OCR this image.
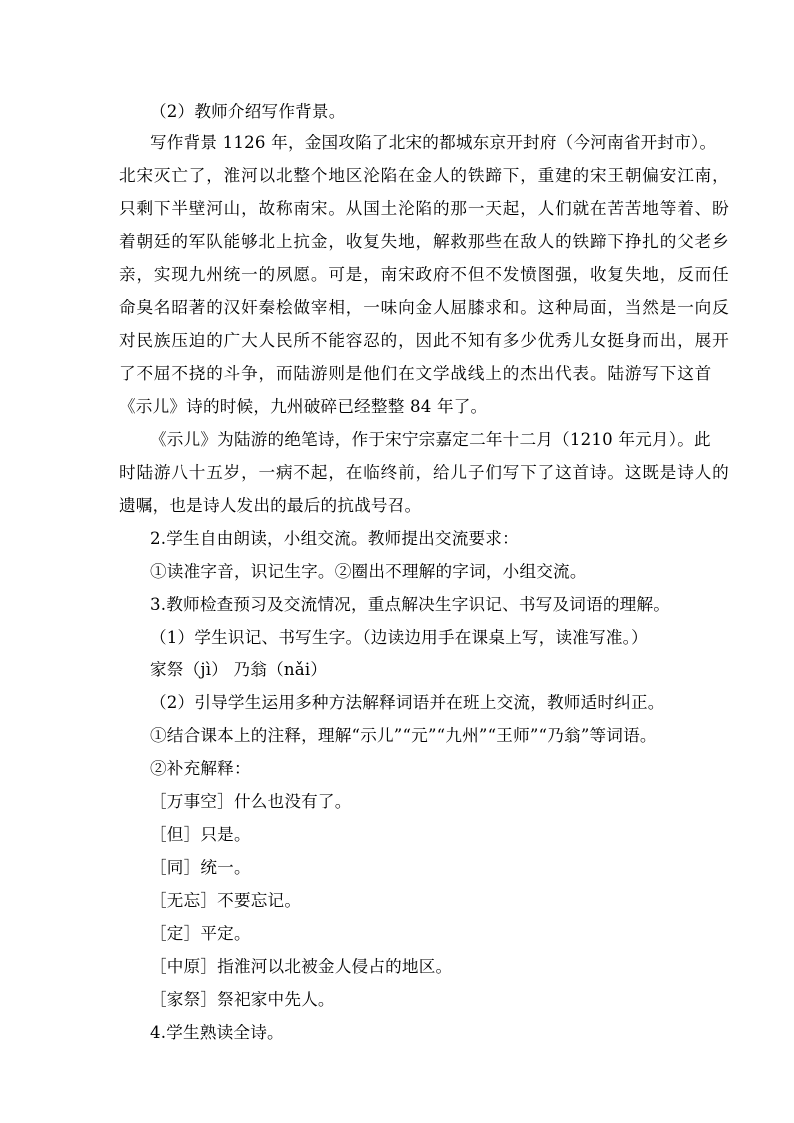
（2）教师介绍写作背景。
写作背景 1126 年，金国攻陷了北宋的都城东京开封府（今河南省开封市）。
北宋灭亡了，淮河以北整个地区沦陷在金人的铁蹄下，重建的宋王朝偏安江南，
只剩下半壁河山，故称南宋。从国土沦陷的那一天起，人们就在苦苦地等着、盼
着朝廷的军队能够北上抗金，收复失地，解救那些在敌人的铁蹄下挣扎的父老乡
亲，实现九州统一的夙愿。可是，南宋政府不但不发愤图强，收复失地，反而任
命臭名昭著的汉奸秦桧做宰相，一味向金人屈膝求和。这种局面，当然是一向反
对民族压迫的广大人民所不能容忍的，因此不知有多少优秀儿女挺身而出，展开
了不屈不挠的斗争，而陆游则是他们在文学战线上的杰出代表。陆游写下这首
《示儿》诗的时候，九州破碎已经整整 84 年了。
《示儿》为陆游的绝笔诗，作于宋宁宗嘉定二年十二月（1210 年元月）。此
时陆游八十五岁，一病不起，在临终前，给儿子们写下了这首诗。这既是诗人的
遗嘱，也是诗人发出的最后的抗战号召。
2.学生自由朗读，小组交流。教师提出交流要求：
①读准字音，识记生字。②圈出不理解的字词，小组交流。
3.教师检查预习及交流情况，重点解决生字识记、书写及词语的理解。
（1）学生识记、书写生字。（边读边用手在课桌上写，读准写准。）
家祭（jì） 乃翁（nǎi）
（2）引导学生运用多种方法解释词语并在班上交流，教师适时纠正。
①结合课本上的注释，理解“示儿”“元”“九州”“王师”“乃翁”等词语。
②补充解释：
［万事空］什么也没有了。
［但］只是。
［同］统一。
［无忘］不要忘记。
［定］平定。
［中原］指淮河以北被金人侵占的地区。
［家祭］祭祀家中先人。
4.学生熟读全诗。
